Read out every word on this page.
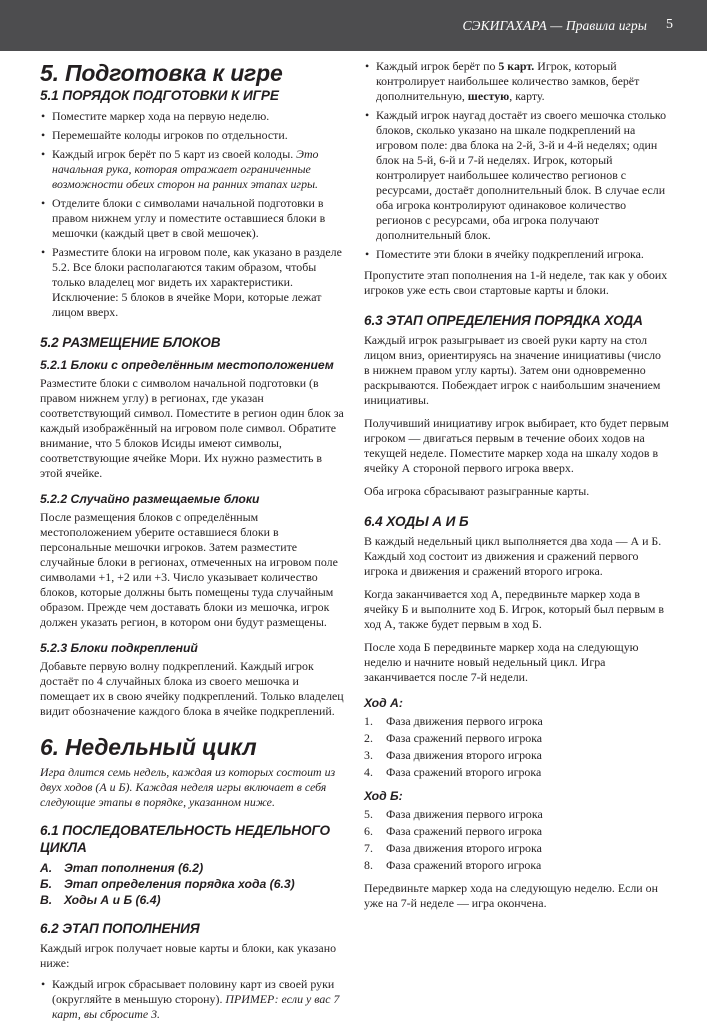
СЭКИГАХАРА — Правила игры 5
5. Подготовка к игре
5.1 ПОРЯДОК ПОДГОТОВКИ К ИГРЕ
• Поместите маркер хода на первую неделю.
• Перемешайте колоды игроков по отдельности.
• Каждый игрок берёт по 5 карт из своей колоды. Это начальная рука, которая отражает ограниченные возможности обеих сторон на ранних этапах игры.
• Отделите блоки с символами начальной подготовки в правом нижнем углу и поместите оставшиеся блоки в мешочки (каждый цвет в свой мешочек).
• Разместите блоки на игровом поле, как указано в разделе 5.2. Все блоки располагаются таким образом, чтобы только владелец мог видеть их характеристики. Исключение: 5 блоков в ячейке Мори, которые лежат лицом вверх.
5.2 РАЗМЕЩЕНИЕ БЛОКОВ
5.2.1 Блоки с определённым местоположением

Разместите блоки с символом начальной подготовки (в правом нижнем углу) в регионах, где указан соответствующий символ. Поместите в регион один блок за каждый изображённый на игровом поле символ. Обратите внимание, что 5 блоков Исиды имеют символы, соответствующие ячейке Мори. Их нужно разместить в этой ячейке.

5.2.2 Случайно размещаемые блоки

После размещения блоков с определённым местоположением уберите оставшиеся блоки в персональные мешочки игроков. Затем разместите случайные блоки в регионах, отмеченных на игровом поле символами +1, +2 или +3. Число указывает количество блоков, которые должны быть помещены туда случайным образом. Прежде чем доставать блоки из мешочка, игрок должен указать регион, в котором они будут размещены.

5.2.3 Блоки подкреплений

Добавьте первую волну подкреплений. Каждый игрок достаёт по 4 случайных блока из своего мешочка и помещает их в свою ячейку подкреплений. Только владелец видит обозначение каждого блока в ячейке подкреплений.

6. Недельный цикл

Игра длится семь недель, каждая из которых состоит из двух ходов (А и Б). Каждая неделя игры включает в себя следующие этапы в порядке, указанном ниже.

6.1 ПОСЛЕДОВАТЕЛЬНОСТЬ НЕДЕЛЬНОГО ЦИКЛА
A. Этап пополнения (6.2)
Б. Этап определения порядка хода (6.3)
В. Ходы А и Б (6.4)
6.2 ЭТАП ПОПОЛНЕНИЯ

Каждый игрок получает новые карты и блоки, как указано ниже:

• Каждый игрок сбрасывает половину карт из своей руки (округляйте в меньшую сторону). ПРИМЕР: если у вас 7 карт, вы сбросите 3.
• Каждый игрок берёт по 5 карт. Игрок, который контролирует наибольшее количество замков, берёт дополнительную, шестую, карту.
• Каждый игрок наугад достаёт из своего мешочка столько блоков, сколько указано на шкале подкреплений на игровом поле: два блока на 2-й, 3-й и 4-й неделях; один блок на 5-й, 6-й и 7-й неделях. Игрок, который контролирует наибольшее количество регионов с ресурсами, достаёт дополнительный блок. В случае если оба игрока контролируют одинаковое количество регионов с ресурсами, оба игрока получают дополнительный блок.
• Поместите эти блоки в ячейку подкреплений игрока.

Пропустите этап пополнения на 1-й неделе, так как у обоих игроков уже есть свои стартовые карты и блоки.

6.3 ЭТАП ОПРЕДЕЛЕНИЯ ПОРЯДКА ХОДА

Каждый игрок разыгрывает из своей руки карту на стол лицом вниз, ориентируясь на значение инициативы (число в нижнем правом углу карты). Затем они одновременно раскрываются. Побеждает игрок с наибольшим значением инициативы.

Получивший инициативу игрок выбирает, кто будет первым игроком — двигаться первым в течение обоих ходов на текущей неделе. Поместите маркер хода на шкалу ходов в ячейку А стороной первого игрока вверх.

Оба игрока сбрасывают разыгранные карты.

6.4 ХОДЫ А И Б

В каждый недельный цикл выполняется два хода — А и Б. Каждый ход состоит из движения и сражений первого игрока и движения и сражений второго игрока.

Когда заканчивается ход А, передвиньте маркер хода в ячейку Б и выполните ход Б. Игрок, который был первым в ход А, также будет первым в ход Б.

После хода Б передвиньте маркер хода на следующую неделю и начните новый недельный цикл. Игра заканчивается после 7-й недели.

Ход А:
1.	Фаза движения первого игрока
2.	Фаза сражений первого игрока
3.	Фаза движения второго игрока
4.	Фаза сражений второго игрока
Ход Б:
5.	Фаза движения первого игрока
6.	Фаза сражений первого игрока
7.	Фаза движения второго игрока
8.	Фаза сражений второго игрока

Передвиньте маркер хода на следующую неделю. Если он уже на 7-й неделе — игра окончена.
